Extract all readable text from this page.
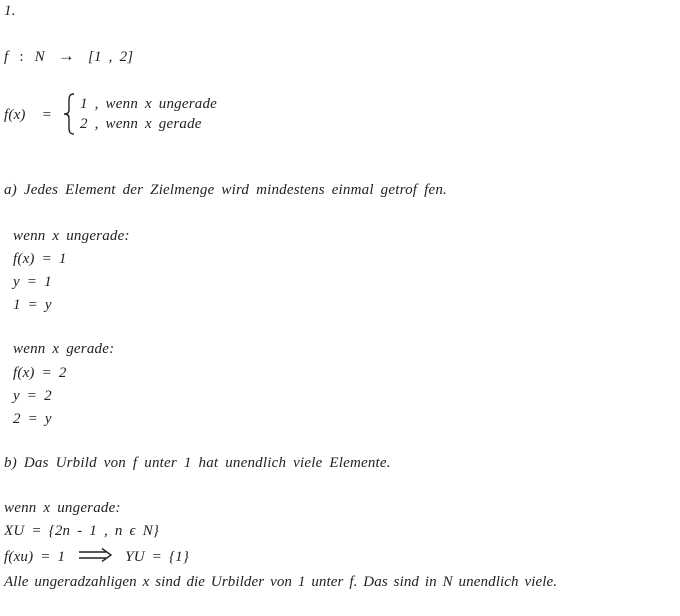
1.
f : N → [1 , 2]
f(x) =
1 , wenn x ungerade
2 , wenn x gerade
a) Jedes Element der Zielmenge wird mindestens einmal getrof fen.
wenn x ungerade:
f(x) = 1
y = 1
1 = y
wenn x gerade:
f(x) = 2
y = 2
2 = y
b) Das Urbild von f unter 1 hat unendlich viele Elemente.
wenn x ungerade:
XU = {2n - 1 , n ϵ N}
f(xu) = 1	YU = {1}
Alle ungeradzahligen x sind die Urbilder von 1 unter f. Das sind in N unendlich viele.
